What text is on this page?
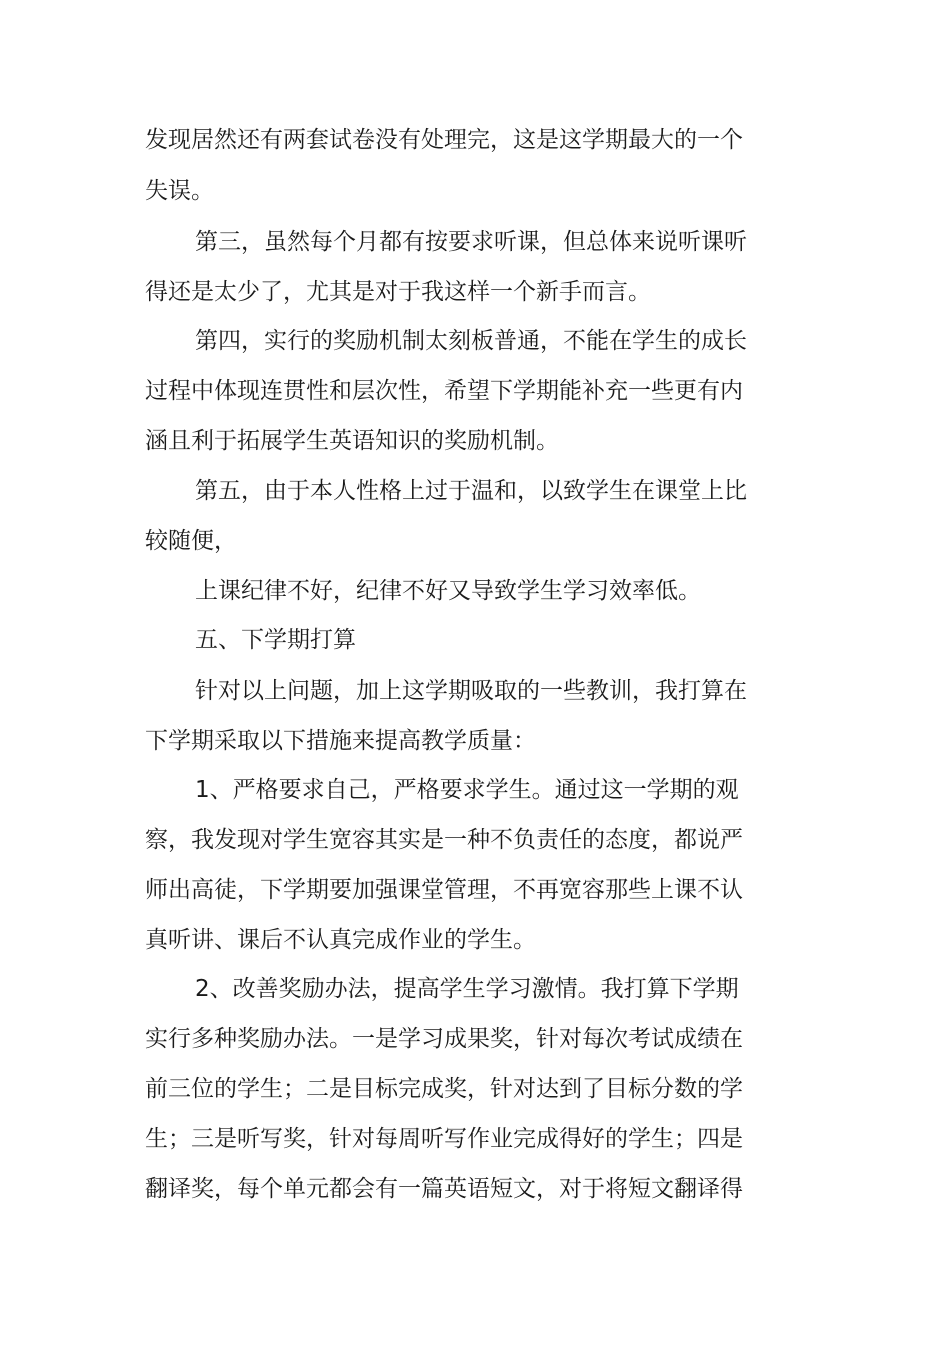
发现居然还有两套试卷没有处理完，这是这学期最大的一个

失误。

第三，虽然每个月都有按要求听课，但总体来说听课听

得还是太少了，尤其是对于我这样一个新手而言。

第四，实行的奖励机制太刻板普通，不能在学生的成长

过程中体现连贯性和层次性，希望下学期能补充一些更有内

涵且利于拓展学生英语知识的奖励机制。

第五，由于本人性格上过于温和，以致学生在课堂上比

较随便，

上课纪律不好，纪律不好又导致学生学习效率低。

五、下学期打算

针对以上问题，加上这学期吸取的一些教训，我打算在

下学期采取以下措施来提高教学质量：

1、严格要求自己，严格要求学生。通过这一学期的观

察，我发现对学生宽容其实是一种不负责任的态度，都说严

师出高徒，下学期要加强课堂管理，不再宽容那些上课不认

真听讲、课后不认真完成作业的学生。

2、改善奖励办法，提高学生学习激情。我打算下学期

实行多种奖励办法。一是学习成果奖，针对每次考试成绩在

前三位的学生；二是目标完成奖，针对达到了目标分数的学

生；三是听写奖，针对每周听写作业完成得好的学生；四是

翻译奖，每个单元都会有一篇英语短文，对于将短文翻译得
